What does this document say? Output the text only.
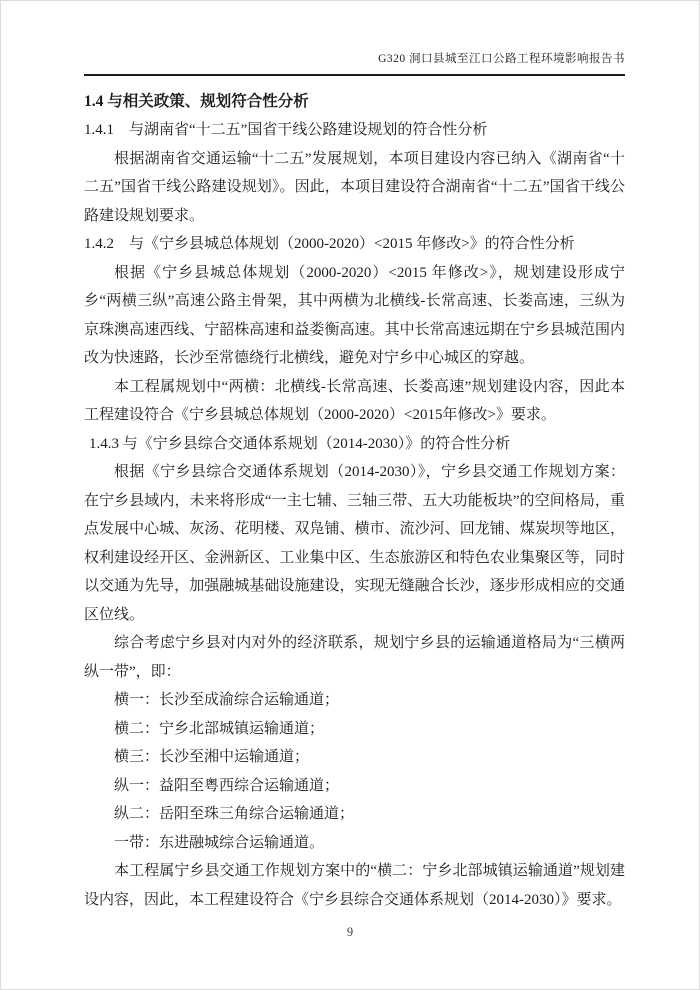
G320 洞口县城至江口公路工程环境影响报告书
1.4 与相关政策、规划符合性分析
1.4.1　与湖南省“十二五”国省干线公路建设规划的符合性分析

根据湖南省交通运输“十二五”发展规划，本项目建设内容已纳入《湖南省“十二五”国省干线公路建设规划》。因此，本项目建设符合湖南省“十二五”国省干线公路建设规划要求。

1.4.2　与《宁乡县城总体规划（2000-2020）<2015 年修改>》的符合性分析

根据《宁乡县城总体规划（2000-2020）<2015 年修改>》，规划建设形成宁乡“两横三纵”高速公路主骨架，其中两横为北横线-长常高速、长娄高速，三纵为京珠澳高速西线、宁韶株高速和益娄衡高速。其中长常高速远期在宁乡县城范围内改为快速路，长沙至常德绕行北横线，避免对宁乡中心城区的穿越。

本工程属规划中“两横：北横线-长常高速、长娄高速”规划建设内容，因此本工程建设符合《宁乡县城总体规划（2000-2020）<2015年修改>》要求。

1.4.3 与《宁乡县综合交通体系规划（2014-2030）》的符合性分析

根据《宁乡县综合交通体系规划（2014-2030）》，宁乡县交通工作规划方案：在宁乡县域内，未来将形成“一主七辅、三轴三带、五大功能板块”的空间格局，重点发展中心城、灰汤、花明楼、双凫铺、横市、流沙河、回龙铺、煤炭坝等地区，权利建设经开区、金洲新区、工业集中区、生态旅游区和特色农业集聚区等，同时以交通为先导，加强融城基础设施建设，实现无缝融合长沙，逐步形成相应的交通区位线。

综合考虑宁乡县对内对外的经济联系，规划宁乡县的运输通道格局为“三横两纵一带”，即：

横一：长沙至成渝综合运输通道；

横二：宁乡北部城镇运输通道；

横三：长沙至湘中运输通道；

纵一：益阳至粤西综合运输通道；

纵二：岳阳至珠三角综合运输通道；

一带：东进融城综合运输通道。

本工程属宁乡县交通工作规划方案中的“横二：宁乡北部城镇运输通道”规划建设内容，因此，本工程建设符合《宁乡县综合交通体系规划（2014-2030）》要求。

9
